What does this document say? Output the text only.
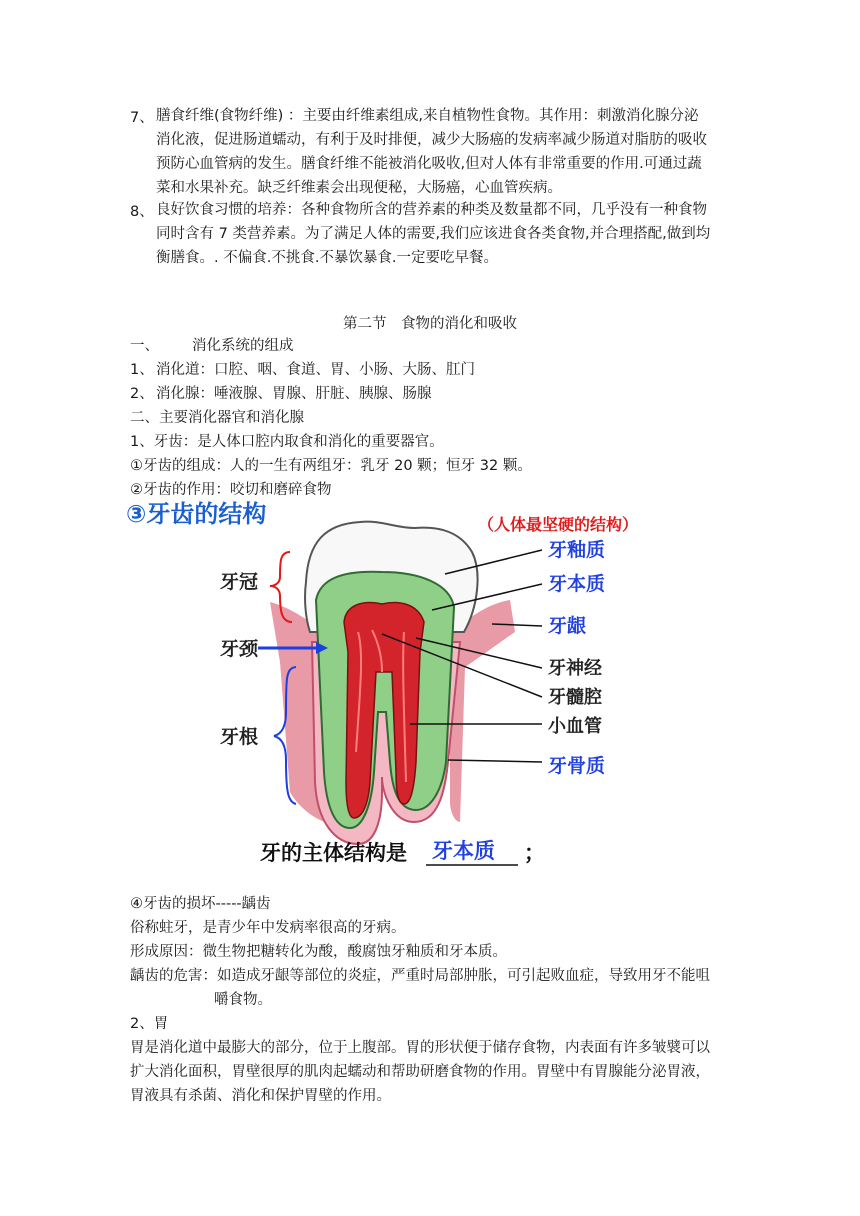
7、 膳食纤维(食物纤维) ：主要由纤维素组成,来自植物性食物。其作用：刺激消化腺分泌
消化液，促进肠道蠕动，有利于及时排便，减少大肠癌的发病率减少肠道对脂肪的吸收
预防心血管病的发生。膳食纤维不能被消化吸收,但对人体有非常重要的作用.可通过蔬
菜和水果补充。缺乏纤维素会出现便秘，大肠癌，心血管疾病。
8、 良好饮食习惯的培养：各种食物所含的营养素的种类及数量都不同，几乎没有一种食物
同时含有 7 类营养素。为了满足人体的需要,我们应该进食各类食物,并合理搭配,做到均
衡膳食。. 不偏食.不挑食.不暴饮暴食.一定要吃早餐。
第二节　食物的消化和吸收
一、 消化系统的组成
1、 消化道：口腔、咽、食道、胃、小肠、大肠、肛门
2、 消化腺：唾液腺、胃腺、肝脏、胰腺、肠腺
二、主要消化器官和消化腺
1、牙齿：是人体口腔内取食和消化的重要器官。
①牙齿的组成：人的一生有两组牙：乳牙 20 颗；恒牙 32 颗。
②牙齿的作用：咬切和磨碎食物
③牙齿的结构	（人体最坚硬的结构）
牙冠
牙颈
牙根
牙釉质
牙本质
牙龈
牙神经
牙髓腔
小血管
牙骨质
牙的主体结构是 牙本质 ；
④牙齿的损坏-----龋齿
俗称蛀牙，是青少年中发病率很高的牙病。
形成原因：微生物把糖转化为酸，酸腐蚀牙釉质和牙本质。
龋齿的危害：如造成牙龈等部位的炎症，严重时局部肿胀，可引起败血症，导致用牙不能咀
嚼食物。
2、胃
胃是消化道中最膨大的部分，位于上腹部。胃的形状便于储存食物，内表面有许多皱襞可以
扩大消化面积，胃壁很厚的肌肉起蠕动和帮助研磨食物的作用。胃壁中有胃腺能分泌胃液，
胃液具有杀菌、消化和保护胃壁的作用。
